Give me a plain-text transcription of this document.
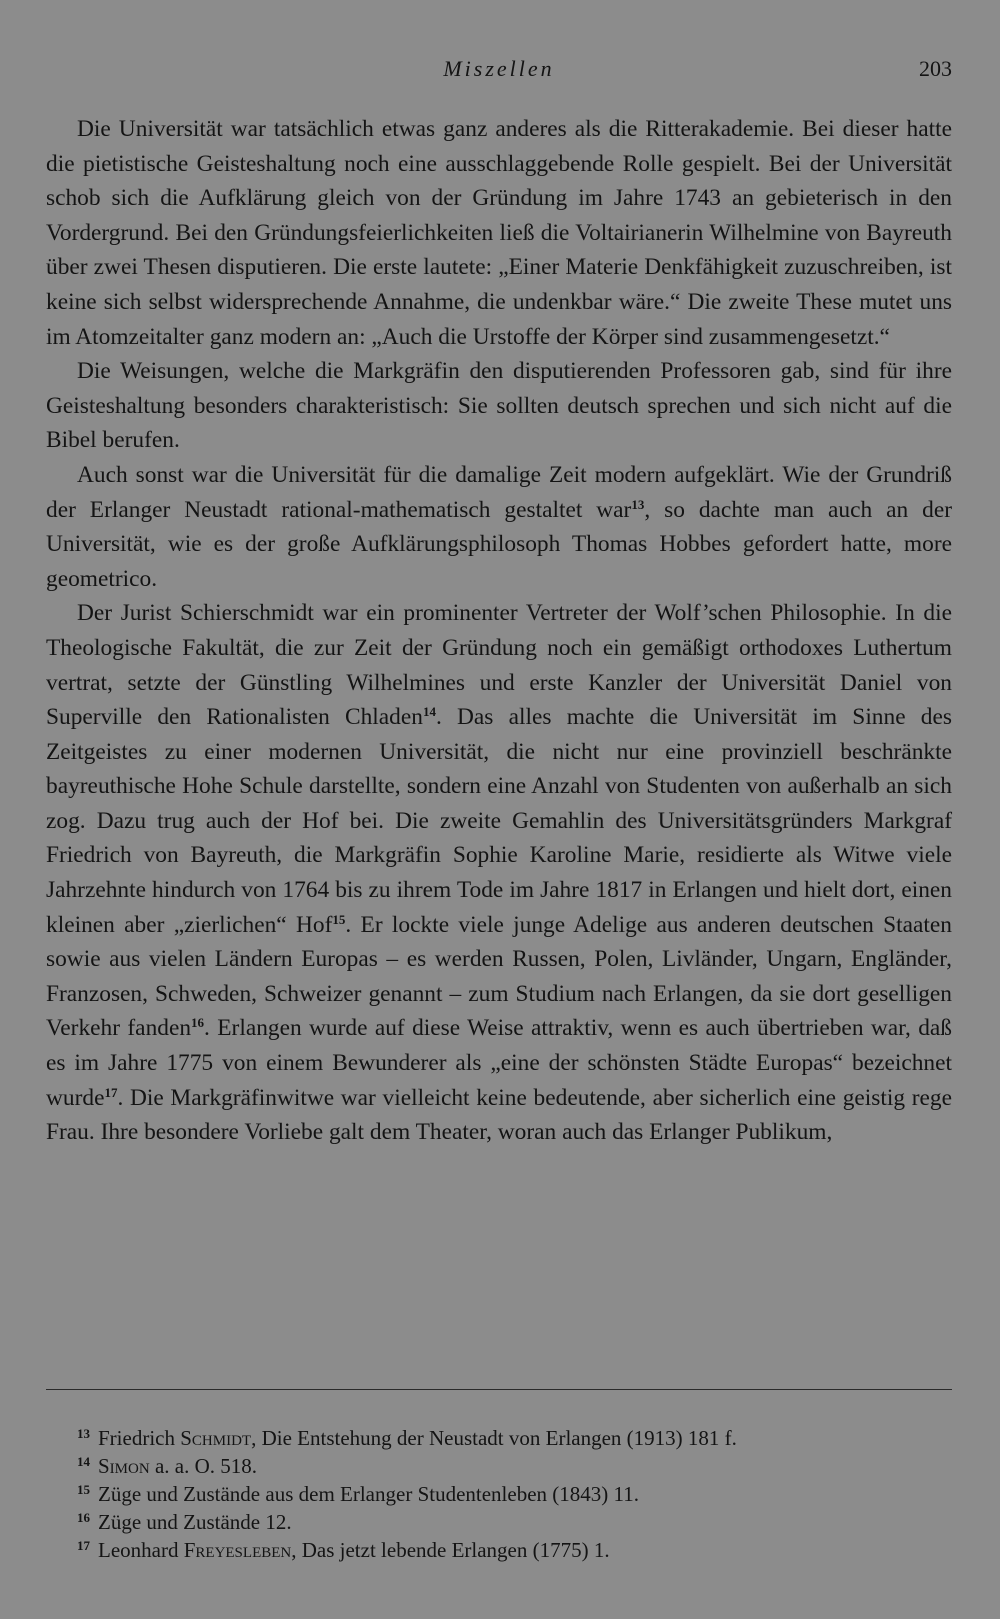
Miszellen	203

Die Universität war tatsächlich etwas ganz anderes als die Ritterakademie. Bei dieser hatte die pietistische Geisteshaltung noch eine ausschlaggebende Rolle gespielt. Bei der Universität schob sich die Aufklärung gleich von der Gründung im Jahre 1743 an gebieterisch in den Vordergrund. Bei den Gründungsfeierlichkeiten ließ die Voltairianerin Wilhelmine von Bayreuth über zwei Thesen disputieren. Die erste lautete: „Einer Materie Denkfähigkeit zuzuschreiben, ist keine sich selbst widersprechende Annahme, die undenkbar wäre.“ Die zweite These mutet uns im Atomzeitalter ganz modern an: „Auch die Urstoffe der Körper sind zusammengesetzt.“

Die Weisungen, welche die Markgräfin den disputierenden Professoren gab, sind für ihre Geisteshaltung besonders charakteristisch: Sie sollten deutsch sprechen und sich nicht auf die Bibel berufen.

Auch sonst war die Universität für die damalige Zeit modern aufgeklärt. Wie der Grundriß der Erlanger Neustadt rational-mathematisch gestaltet war$^{13}$, so dachte man auch an der Universität, wie es der große Aufklärungsphilosoph Thomas Hobbes gefordert hatte, more geometrico.

Der Jurist Schierschmidt war ein prominenter Vertreter der Wolf’schen Philosophie. In die Theologische Fakultät, die zur Zeit der Gründung noch ein gemäßigt orthodoxes Luthertum vertrat, setzte der Günstling Wilhelmines und erste Kanzler der Universität Daniel von Superville den Rationalisten Chladen$^{14}$. Das alles machte die Universität im Sinne des Zeitgeistes zu einer modernen Universität, die nicht nur eine provinziell beschränkte bayreuthische Hohe Schule darstellte, sondern eine Anzahl von Studenten von außerhalb an sich zog. Dazu trug auch der Hof bei. Die zweite Gemahlin des Universitätsgründers Markgraf Friedrich von Bayreuth, die Markgräfin Sophie Karoline Marie, residierte als Witwe viele Jahrzehnte hindurch von 1764 bis zu ihrem Tode im Jahre 1817 in Erlangen und hielt dort, einen kleinen aber „zierlichen“ Hof$^{15}$. Er lockte viele junge Adelige aus anderen deutschen Staaten sowie aus vielen Ländern Europas – es werden Russen, Polen, Livländer, Ungarn, Engländer, Franzosen, Schweden, Schweizer genannt – zum Studium nach Erlangen, da sie dort geselligen Verkehr fanden$^{16}$. Erlangen wurde auf diese Weise attraktiv, wenn es auch übertrieben war, daß es im Jahre 1775 von einem Bewunderer als „eine der schönsten Städte Europas“ bezeichnet wurde$^{17}$. Die Markgräfinwitwe war vielleicht keine bedeutende, aber sicherlich eine geistig rege Frau. Ihre besondere Vorliebe galt dem Theater, woran auch das Erlanger Publikum,

13 Friedrich Schmidt, Die Entstehung der Neustadt von Erlangen (1913) 181 f.
14 Simon a. a. O. 518.
15 Züge und Zustände aus dem Erlanger Studentenleben (1843) 11.
16 Züge und Zustände 12.
17 Leonhard Freyesleben, Das jetzt lebende Erlangen (1775) 1.
